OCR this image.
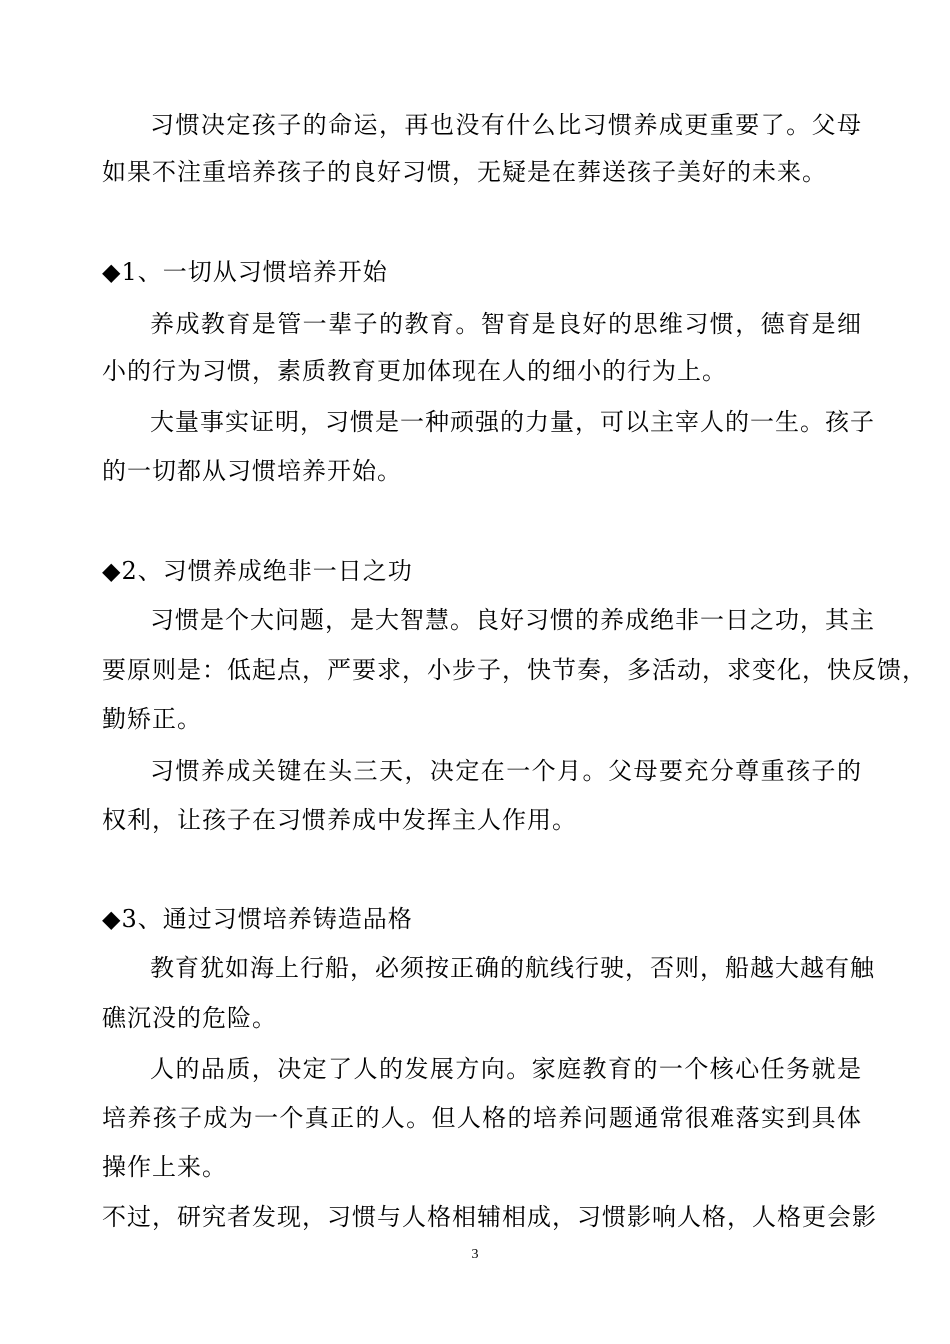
习惯决定孩子的命运，再也没有什么比习惯养成更重要了。父母
如果不注重培养孩子的良好习惯，无疑是在葬送孩子美好的未来。
◆1、一切从习惯培养开始
养成教育是管一辈子的教育。智育是良好的思维习惯，德育是细
小的行为习惯，素质教育更加体现在人的细小的行为上。
大量事实证明，习惯是一种顽强的力量，可以主宰人的一生。孩子
的一切都从习惯培养开始。
◆2、习惯养成绝非一日之功
习惯是个大问题，是大智慧。良好习惯的养成绝非一日之功，其主
要原则是：低起点，严要求，小步子，快节奏，多活动，求变化，快反馈，
勤矫正。
习惯养成关键在头三天，决定在一个月。父母要充分尊重孩子的
权利，让孩子在习惯养成中发挥主人作用。
◆3、通过习惯培养铸造品格
教育犹如海上行船，必须按正确的航线行驶，否则，船越大越有触
礁沉没的危险。
人的品质，决定了人的发展方向。家庭教育的一个核心任务就是
培养孩子成为一个真正的人。但人格的培养问题通常很难落实到具体
操作上来。
不过，研究者发现，习惯与人格相辅相成，习惯影响人格，人格更会影
3
